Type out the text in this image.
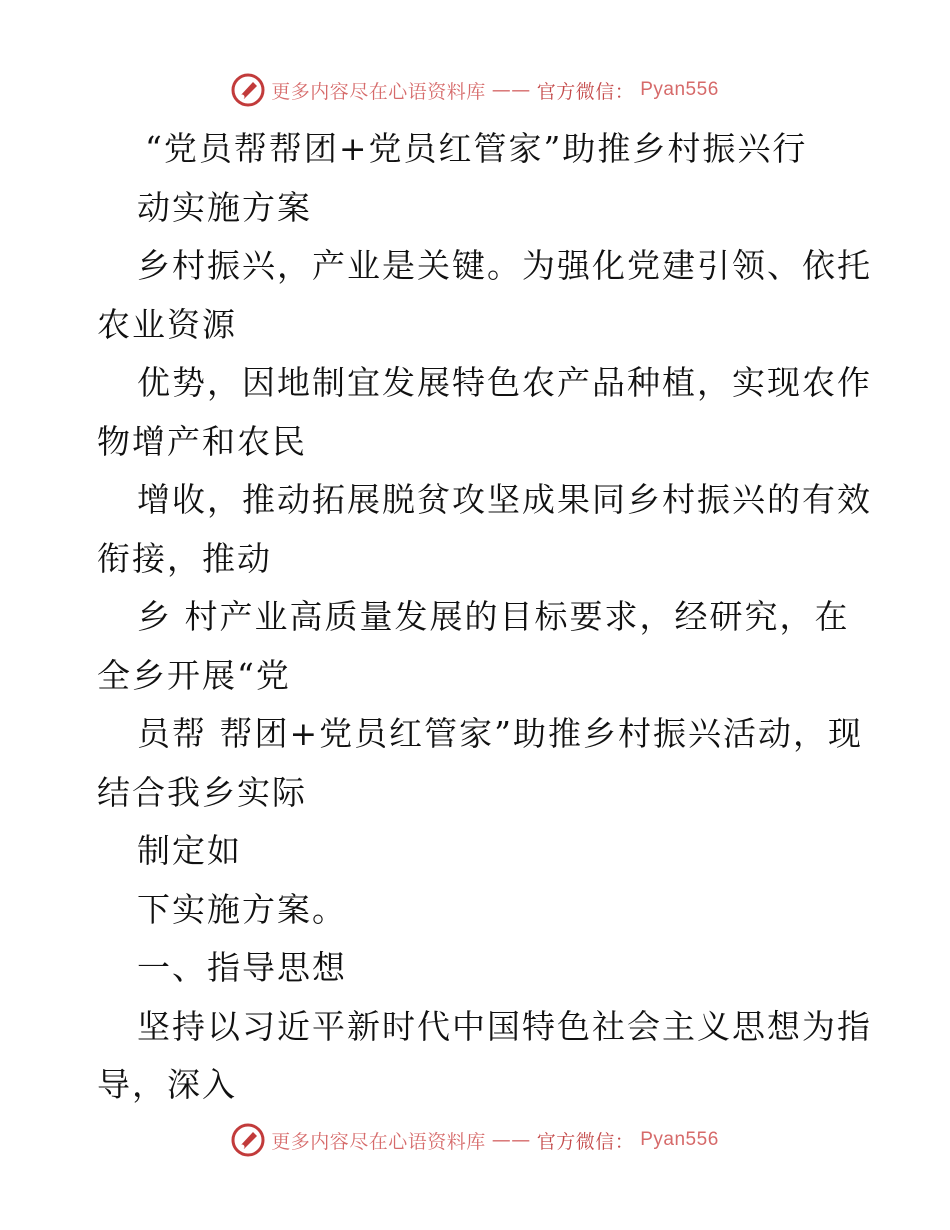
更多内容尽在心语资料库 —— 官方微信： Pyan556
“党员帮帮团+党员红管家”助推乡村振兴行
动实施方案
乡村振兴，产业是关键。为强化党建引领、依托
农业资源
优势，因地制宜发展特色农产品种植，实现农作
物增产和农民
增收，推动拓展脱贫攻坚成果同乡村振兴的有效
衔接，推动
乡 村产业高质量发展的目标要求，经研究，在
全乡开展“党
员帮 帮团+党员红管家”助推乡村振兴活动，现
结合我乡实际
制定如
下实施方案。
一、指导思想
坚持以习近平新时代中国特色社会主义思想为指
导，深入
更多内容尽在心语资料库 —— 官方微信： Pyan556
